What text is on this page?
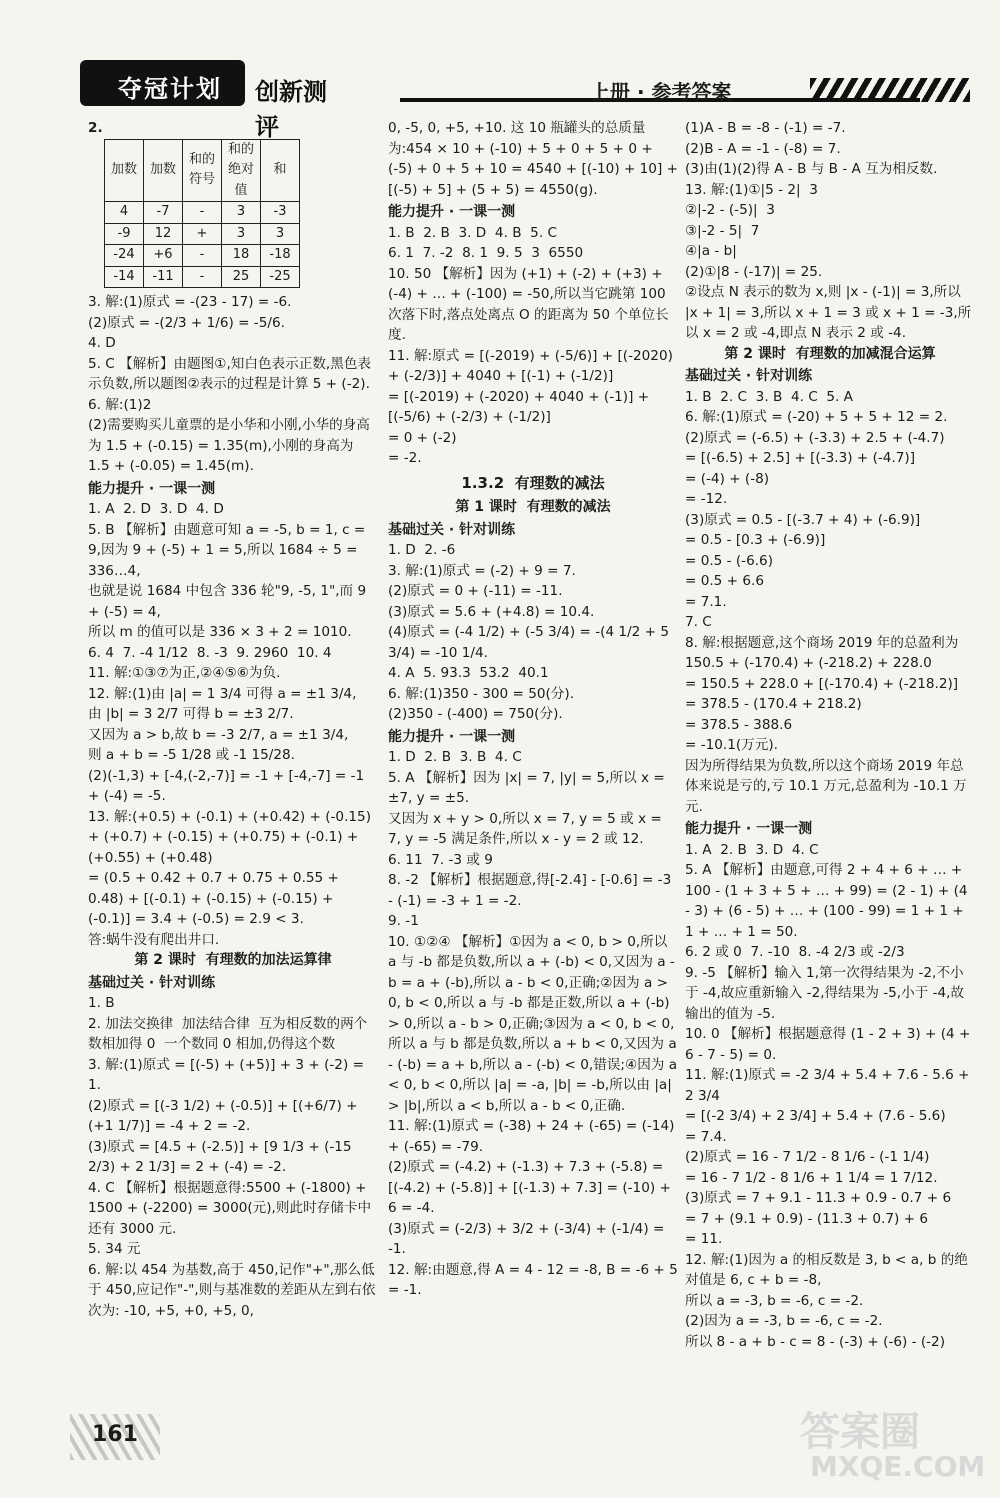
夺冠计划 创新测评
上册 · 参考答案
2.
加数	加数	和的符号	和的绝对值	和
4	-7	-	3	-3
-9	12	+	3	3
-24	+6	-	18	-18
-14	-11	-	25	-25
3. 解:(1)原式 = -(23 - 17) = -6.
(2)原式 = -(2/3 + 1/6) = -5/6.
4. D
5. C 【解析】由题图①,知白色表示正数,黑色表示负数,所以题图②表示的过程是计算 5 + (-2).
6. 解:(1)2
(2)需要购买儿童票的是小华和小刚,小华的身高为 1.5 + (-0.15) = 1.35(m),小刚的身高为 1.5 + (-0.05) = 1.45(m).
能力提升 · 一课一测
1. A  2. D  3. D  4. D
5. B 【解析】由题意可知 a = -5, b = 1, c = 9,因为 9 + (-5) + 1 = 5,所以 1684 ÷ 5 = 336…4,
也就是说 1684 中包含 336 轮"9, -5, 1",而 9 + (-5) = 4,
所以 m 的值可以是 336 × 3 + 2 = 1010.
6. 4  7. -4 1/12  8. -3  9. 2960  10. 4
11. 解:①③⑦为正,②④⑤⑥为负.
12. 解:(1)由 |a| = 1 3/4 可得 a = ±1 3/4,
由 |b| = 3 2/7 可得 b = ±3 2/7.
又因为 a > b,故 b = -3 2/7, a = ±1 3/4,
则 a + b = -5 1/28 或 -1 15/28.
(2)(-1,3) + [-4,(-2,-7)] = -1 + [-4,-7] = -1 + (-4) = -5.
13. 解:(+0.5) + (-0.1) + (+0.42) + (-0.15) + (+0.7) + (-0.15) + (+0.75) + (-0.1) + (+0.55) + (+0.48)
= (0.5 + 0.42 + 0.7 + 0.75 + 0.55 + 0.48) + [(-0.1) + (-0.15) + (-0.15) + (-0.1)] = 3.4 + (-0.5) = 2.9 < 3.
答:蜗牛没有爬出井口.
第 2 课时  有理数的加法运算律
基础过关 · 针对训练
1. B
2. 加法交换律  加法结合律  互为相反数的两个数相加得 0  一个数同 0 相加,仍得这个数
3. 解:(1)原式 = [(-5) + (+5)] + 3 + (-2) = 1.
(2)原式 = [(-3 1/2) + (-0.5)] + [(+6/7) + (+1 1/7)] = -4 + 2 = -2.
(3)原式 = [4.5 + (-2.5)] + [9 1/3 + (-15 2/3) + 2 1/3] = 2 + (-4) = -2.
4. C 【解析】根据题意得:5500 + (-1800) + 1500 + (-2200) = 3000(元),则此时存储卡中还有 3000 元.
5. 34 元
6. 解:以 454 为基数,高于 450,记作"+",那么低于 450,应记作"-",则与基准数的差距从左到右依次为: -10, +5, +0, +5, 0,
0, -5, 0, +5, +10. 这 10 瓶罐头的总质量为:454 × 10 + (-10) + 5 + 0 + 5 + 0 + (-5) + 0 + 5 + 10 = 4540 + [(-10) + 10] + [(-5) + 5] + (5 + 5) = 4550(g).
能力提升 · 一课一测
1. B  2. B  3. D  4. B  5. C
6. 1  7. -2  8. 1  9. 5  3  6550
10. 50 【解析】因为 (+1) + (-2) + (+3) + (-4) + … + (-100) = -50,所以当它跳第 100 次落下时,落点处离点 O 的距离为 50 个单位长度.
11. 解:原式 = [(-2019) + (-5/6)] + [(-2020) + (-2/3)] + 4040 + [(-1) + (-1/2)]
= [(-2019) + (-2020) + 4040 + (-1)] + [(-5/6) + (-2/3) + (-1/2)]
= 0 + (-2)
= -2.
1.3.2  有理数的减法
第 1 课时  有理数的减法
基础过关 · 针对训练
1. D  2. -6
3. 解:(1)原式 = (-2) + 9 = 7.
(2)原式 = 0 + (-11) = -11.
(3)原式 = 5.6 + (+4.8) = 10.4.
(4)原式 = (-4 1/2) + (-5 3/4) = -(4 1/2 + 5 3/4) = -10 1/4.
4. A  5. 93.3  53.2  40.1
6. 解:(1)350 - 300 = 50(分).
(2)350 - (-400) = 750(分).
能力提升 · 一课一测
1. D  2. B  3. B  4. C
5. A 【解析】因为 |x| = 7, |y| = 5,所以 x = ±7, y = ±5.
又因为 x + y > 0,所以 x = 7, y = 5 或 x = 7, y = -5 满足条件,所以 x - y = 2 或 12.
6. 11  7. -3 或 9
8. -2 【解析】根据题意,得[-2.4] - [-0.6] = -3 - (-1) = -3 + 1 = -2.
9. -1
10. ①②④ 【解析】①因为 a < 0, b > 0,所以 a 与 -b 都是负数,所以 a + (-b) < 0,又因为 a - b = a + (-b),所以 a - b < 0,正确;②因为 a > 0, b < 0,所以 a 与 -b 都是正数,所以 a + (-b) > 0,所以 a - b > 0,正确;③因为 a < 0, b < 0,所以 a 与 b 都是负数,所以 a + b < 0,又因为 a - (-b) = a + b,所以 a - (-b) < 0,错误;④因为 a < 0, b < 0,所以 |a| = -a, |b| = -b,所以由 |a| > |b|,所以 a < b,所以 a - b < 0,正确.
11. 解:(1)原式 = (-38) + 24 + (-65) = (-14) + (-65) = -79.
(2)原式 = (-4.2) + (-1.3) + 7.3 + (-5.8) = [(-4.2) + (-5.8)] + [(-1.3) + 7.3] = (-10) + 6 = -4.
(3)原式 = (-2/3) + 3/2 + (-3/4) + (-1/4) = -1.
12. 解:由题意,得 A = 4 - 12 = -8, B = -6 + 5 = -1.
(1)A - B = -8 - (-1) = -7.
(2)B - A = -1 - (-8) = 7.
(3)由(1)(2)得 A - B 与 B - A 互为相反数.
13. 解:(1)①|5 - 2|  3
②|-2 - (-5)|  3
③|-2 - 5|  7
④|a - b|
(2)①|8 - (-17)| = 25.
②设点 N 表示的数为 x,则 |x - (-1)| = 3,所以 |x + 1| = 3,所以 x + 1 = 3 或 x + 1 = -3,所以 x = 2 或 -4,即点 N 表示 2 或 -4.
第 2 课时  有理数的加减混合运算
基础过关 · 针对训练
1. B  2. C  3. B  4. C  5. A
6. 解:(1)原式 = (-20) + 5 + 5 + 12 = 2.
(2)原式 = (-6.5) + (-3.3) + 2.5 + (-4.7)
= [(-6.5) + 2.5] + [(-3.3) + (-4.7)]
= (-4) + (-8)
= -12.
(3)原式 = 0.5 - [(-3.7 + 4) + (-6.9)]
= 0.5 - [0.3 + (-6.9)]
= 0.5 - (-6.6)
= 0.5 + 6.6
= 7.1.
7. C
8. 解:根据题意,这个商场 2019 年的总盈利为
150.5 + (-170.4) + (-218.2) + 228.0
= 150.5 + 228.0 + [(-170.4) + (-218.2)]
= 378.5 - (170.4 + 218.2)
= 378.5 - 388.6
= -10.1(万元).
因为所得结果为负数,所以这个商场 2019 年总体来说是亏的,亏 10.1 万元,总盈利为 -10.1 万元.
能力提升 · 一课一测
1. A  2. B  3. D  4. C
5. A 【解析】由题意,可得 2 + 4 + 6 + … + 100 - (1 + 3 + 5 + … + 99) = (2 - 1) + (4 - 3) + (6 - 5) + … + (100 - 99) = 1 + 1 + 1 + … + 1 = 50.
6. 2 或 0  7. -10  8. -4 2/3 或 -2/3
9. -5 【解析】输入 1,第一次得结果为 -2,不小于 -4,故应重新输入 -2,得结果为 -5,小于 -4,故输出的值为 -5.
10. 0 【解析】根据题意得 (1 - 2 + 3) + (4 + 6 - 7 - 5) = 0.
11. 解:(1)原式 = -2 3/4 + 5.4 + 7.6 - 5.6 + 2 3/4
= [(-2 3/4) + 2 3/4] + 5.4 + (7.6 - 5.6)
= 7.4.
(2)原式 = 16 - 7 1/2 - 8 1/6 - (-1 1/4)
= 16 - 7 1/2 - 8 1/6 + 1 1/4 = 1 7/12.
(3)原式 = 7 + 9.1 - 11.3 + 0.9 - 0.7 + 6
= 7 + (9.1 + 0.9) - (11.3 + 0.7) + 6
= 11.
12. 解:(1)因为 a 的相反数是 3, b < a, b 的绝对值是 6, c + b = -8,
所以 a = -3, b = -6, c = -2.
(2)因为 a = -3, b = -6, c = -2.
所以 8 - a + b - c = 8 - (-3) + (-6) - (-2)
161	答案圈
MXQE.COM
